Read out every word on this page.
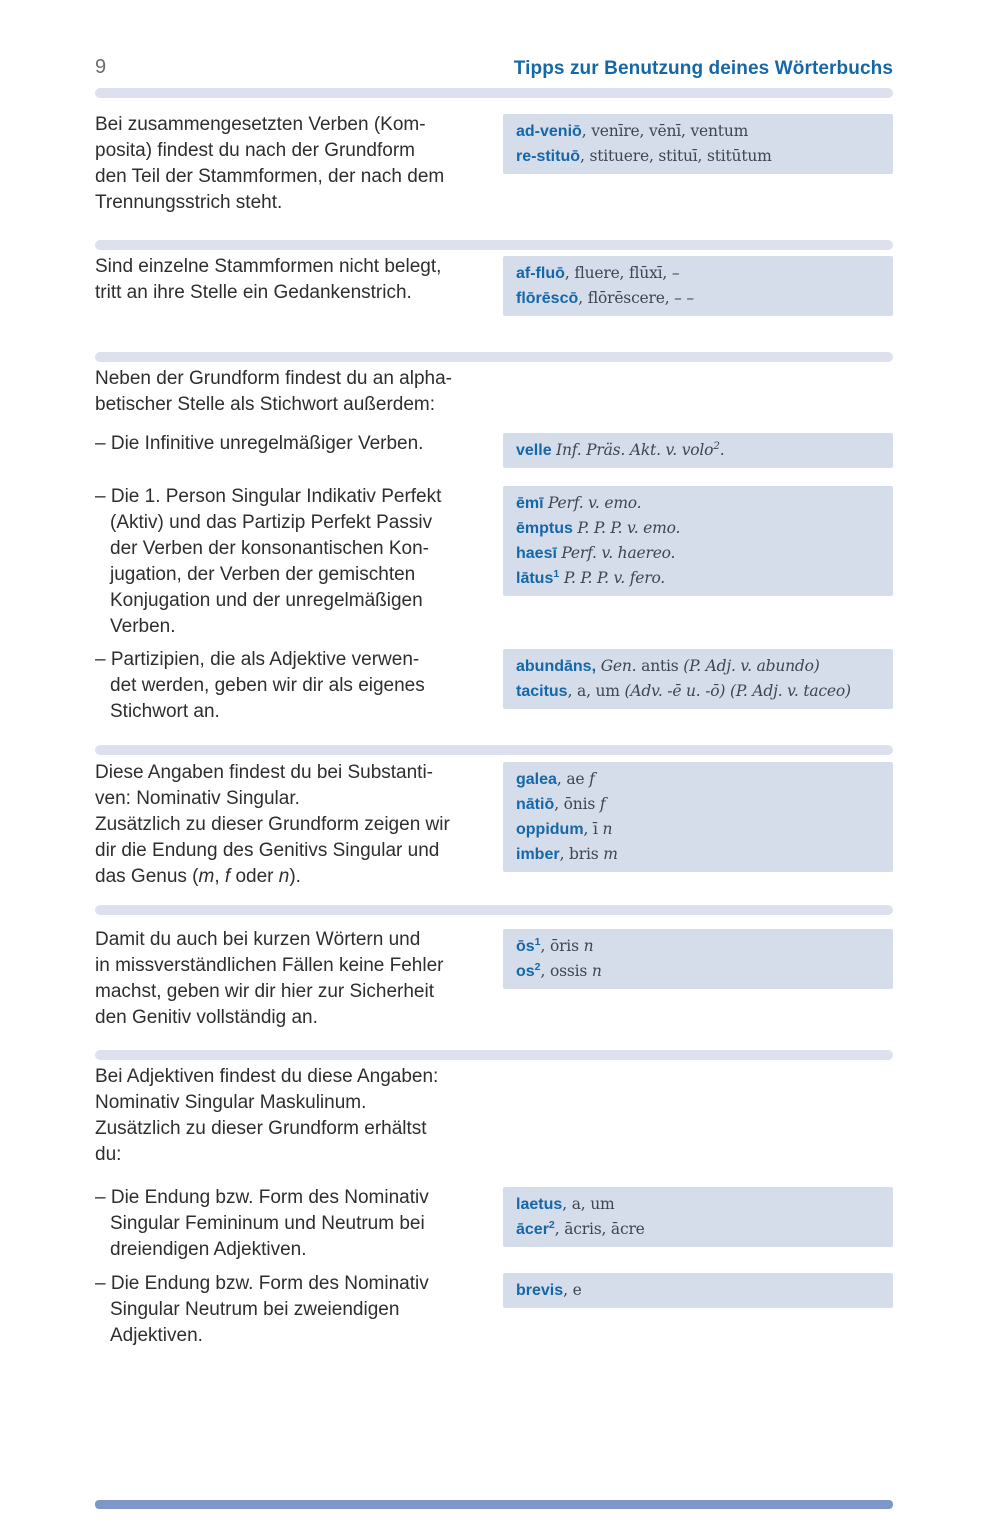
9	Tipps zur Benutzung deines Wörterbuchs
Bei zusammengesetzten Verben (Kom-
posita) findest du nach der Grundform
den Teil der Stammformen, der nach dem
Trennungsstrich steht.
ad-veniō, venīre, vēnī, ventum
re-stituō, stituere, stituī, stitūtum
Sind einzelne Stammformen nicht belegt,
tritt an ihre Stelle ein Gedankenstrich.
af-fluō, fluere, flūxī, –
flōrēscō, flōrēscere, – –
Neben der Grundform findest du an alpha-
betischer Stelle als Stichwort außerdem:
– Die Infinitive unregelmäßiger Verben.	velle Inf. Präs. Akt. v. volo$^2$.
– Die 1. Person Singular Indikativ Perfekt
(Aktiv) und das Partizip Perfekt Passiv
der Verben der konsonantischen Kon-
jugation, der Verben der gemischten
Konjugation und der unregelmäßigen
Verben.
ēmī Perf. v. emo.
ēmptus P. P. P. v. emo.
haesī Perf. v. haereo.
lātus$^1$ P. P. P. v. fero.
– Partizipien, die als Adjektive verwen-
det werden, geben wir dir als eigenes
Stichwort an.
abundāns, Gen. antis (P. Adj. v. abundo)
tacitus, a, um (Adv. -ē u. -ō) (P. Adj. v. taceo)
Diese Angaben findest du bei Substanti-
ven: Nominativ Singular.
Zusätzlich zu dieser Grundform zeigen wir
dir die Endung des Genitivs Singular und
das Genus (m, f oder n).
galea, ae f
nātiō, ōnis f
oppidum, ī n
imber, bris m
Damit du auch bei kurzen Wörtern und
in missverständlichen Fällen keine Fehler
machst, geben wir dir hier zur Sicherheit
den Genitiv vollständig an.
$ōs^1$, ōris n
$os^2$, ossis n
Bei Adjektiven findest du diese Angaben:
Nominativ Singular Maskulinum.
Zusätzlich zu dieser Grundform erhältst
du:
– Die Endung bzw. Form des Nominativ
Singular Femininum und Neutrum bei
dreiendigen Adjektiven.
laetus, a, um
ācer$^2$, ācris, ācre
– Die Endung bzw. Form des Nominativ
Singular Neutrum bei zweiendigen
Adjektiven.
brevis, e
